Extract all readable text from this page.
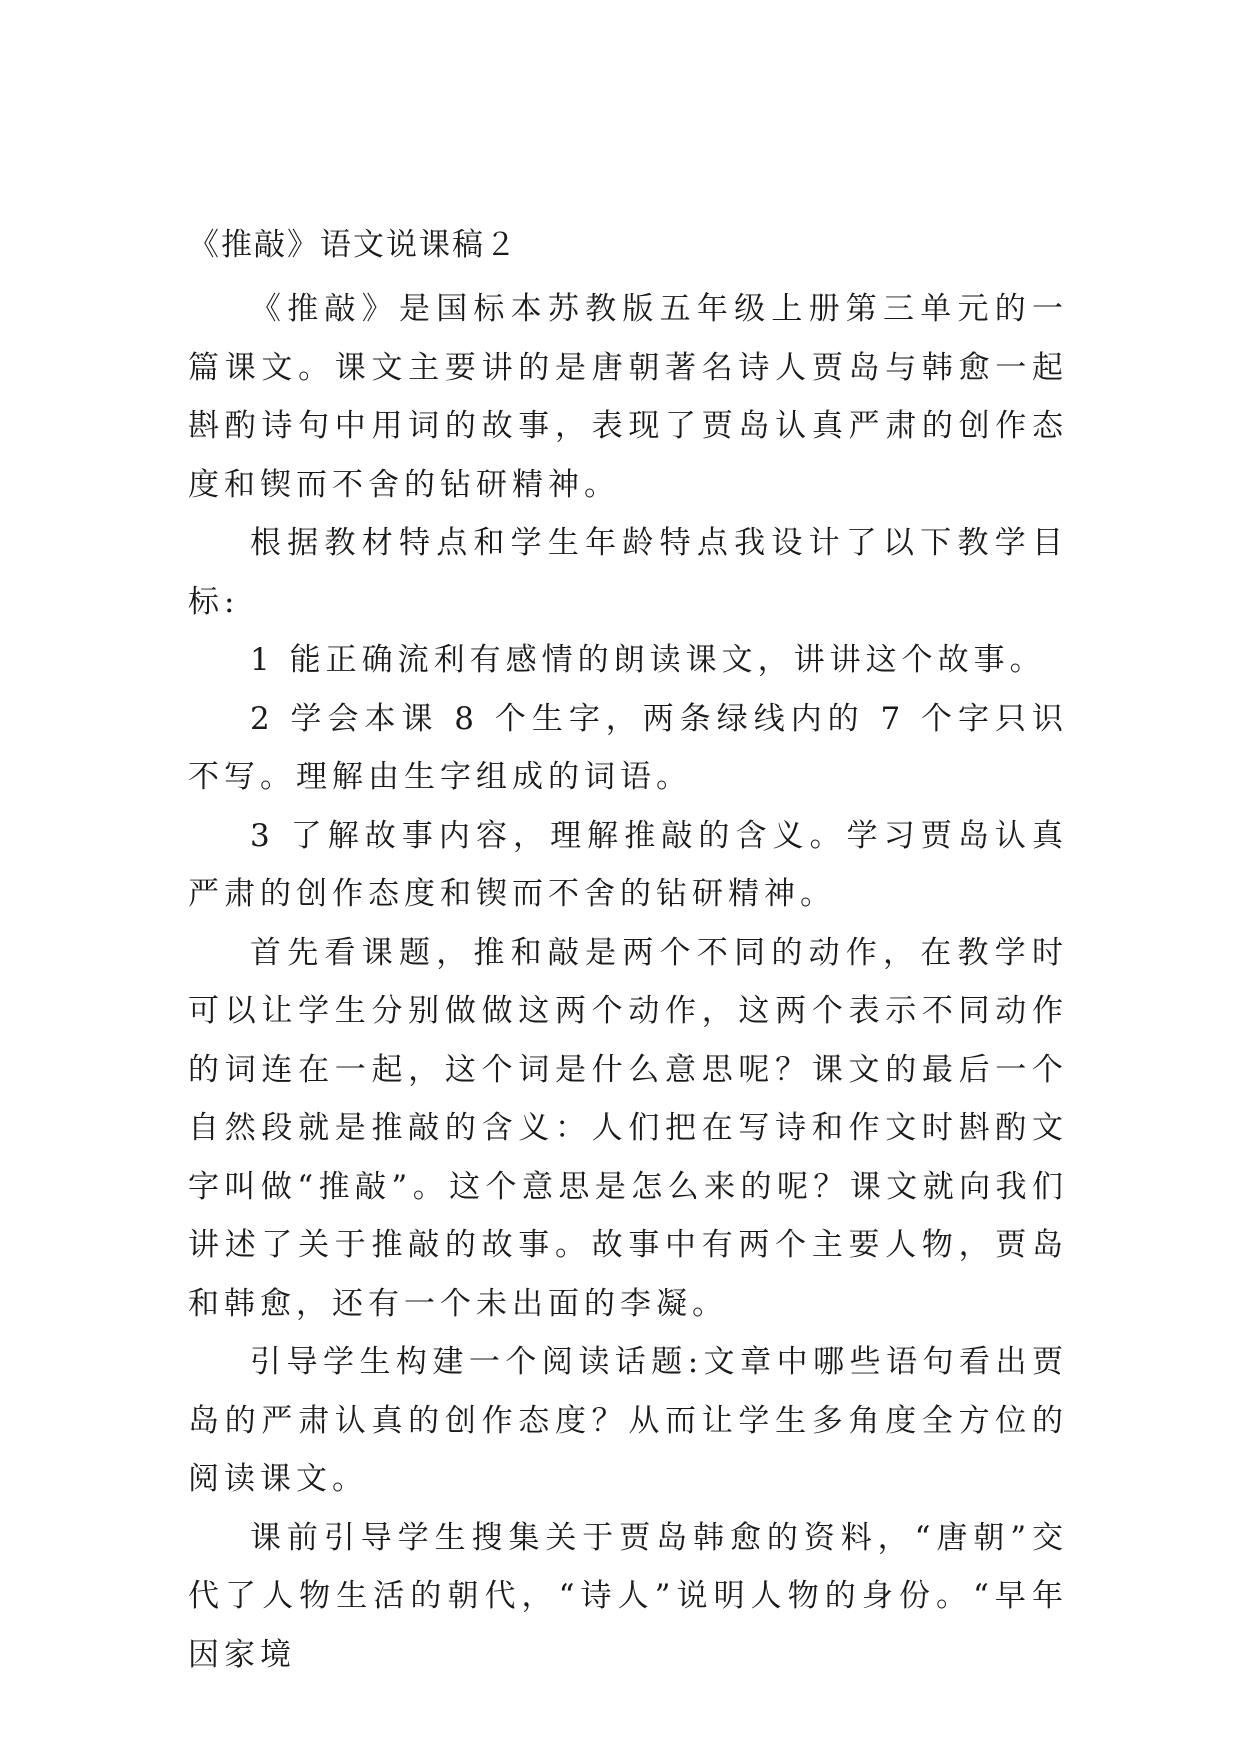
《推敲》语文说课稿２

《推敲》是国标本苏教版五年级上册第三单元的一篇课文。课文主要讲的是唐朝著名诗人贾岛与韩愈一起斟酌诗句中用词的故事，表现了贾岛认真严肃的创作态度和锲而不舍的钻研精神。

根据教材特点和学生年龄特点我设计了以下教学目标:

1 能正确流利有感情的朗读课文，讲讲这个故事。

2 学会本课 8 个生字，两条绿线内的 7 个字只识不写。理解由生字组成的词语。

3 了解故事内容，理解推敲的含义。学习贾岛认真严肃的创作态度和锲而不舍的钻研精神。

首先看课题，推和敲是两个不同的动作，在教学时可以让学生分别做做这两个动作，这两个表示不同动作的词连在一起，这个词是什么意思呢？课文的最后一个自然段就是推敲的含义：人们把在写诗和作文时斟酌文字叫做“推敲”。这个意思是怎么来的呢？课文就向我们讲述了关于推敲的故事。故事中有两个主要人物，贾岛和韩愈，还有一个未出面的李凝。

引导学生构建一个阅读话题:文章中哪些语句看出贾岛的严肃认真的创作态度？从而让学生多角度全方位的阅读课文。

课前引导学生搜集关于贾岛韩愈的资料，“唐朝”交代了人物生活的朝代，“诗人”说明人物的身份。“早年因家境
